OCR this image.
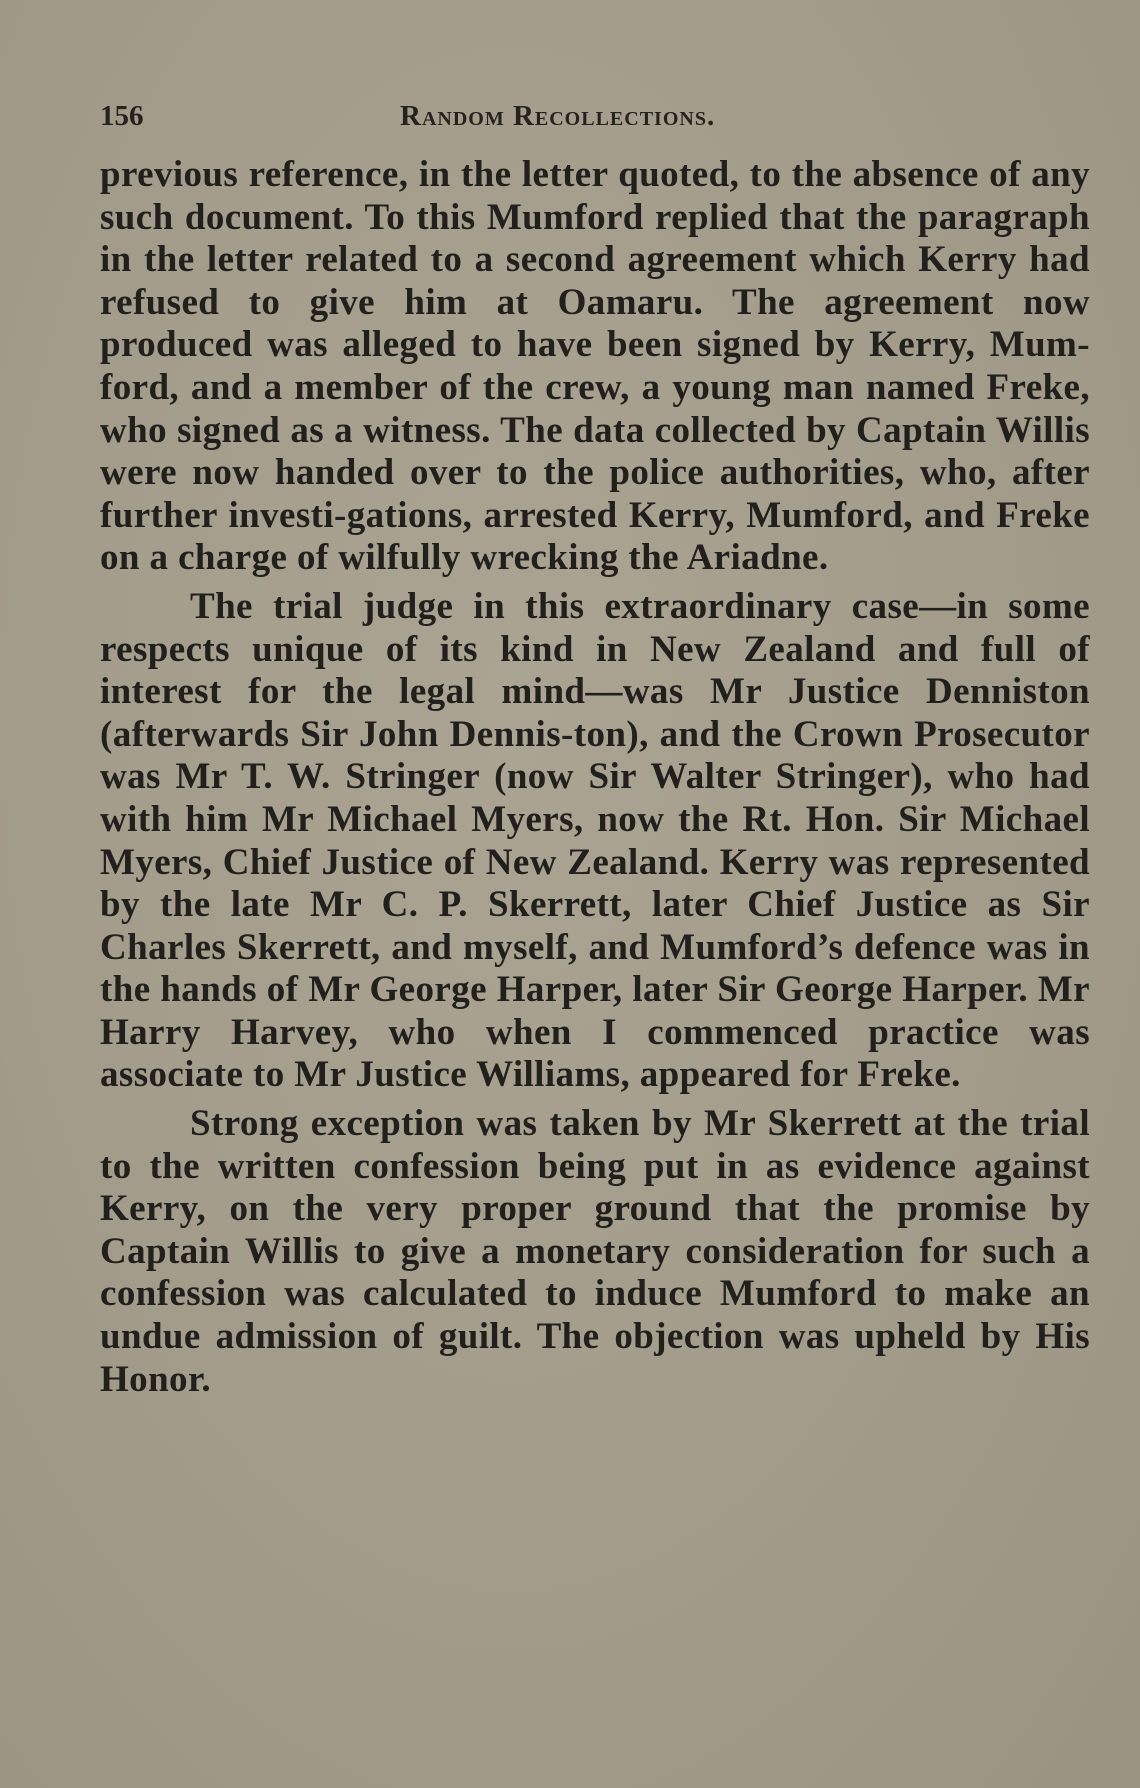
156	Random Recollections.

previous reference, in the letter quoted, to the absence of any such document. To this Mumford replied that the paragraph in the letter related to a second agreement which Kerry had refused to give him at Oamaru. The agreement now produced was alleged to have been signed by Kerry, Mum-ford, and a member of the crew, a young man named Freke, who signed as a witness. The data collected by Captain Willis were now handed over to the police authorities, who, after further investi-gations, arrested Kerry, Mumford, and Freke on a charge of wilfully wrecking the Ariadne.

The trial judge in this extraordinary case—in some respects unique of its kind in New Zealand and full of interest for the legal mind—was Mr Justice Denniston (afterwards Sir John Dennis-ton), and the Crown Prosecutor was Mr T. W. Stringer (now Sir Walter Stringer), who had with him Mr Michael Myers, now the Rt. Hon. Sir Michael Myers, Chief Justice of New Zealand. Kerry was represented by the late Mr C. P. Skerrett, later Chief Justice as Sir Charles Skerrett, and myself, and Mumford’s defence was in the hands of Mr George Harper, later Sir George Harper. Mr Harry Harvey, who when I commenced practice was associate to Mr Justice Williams, appeared for Freke.

Strong exception was taken by Mr Skerrett at the trial to the written confession being put in as evidence against Kerry, on the very proper ground that the promise by Captain Willis to give a monetary consideration for such a confession was calculated to induce Mumford to make an undue admission of guilt. The objection was upheld by His Honor.
